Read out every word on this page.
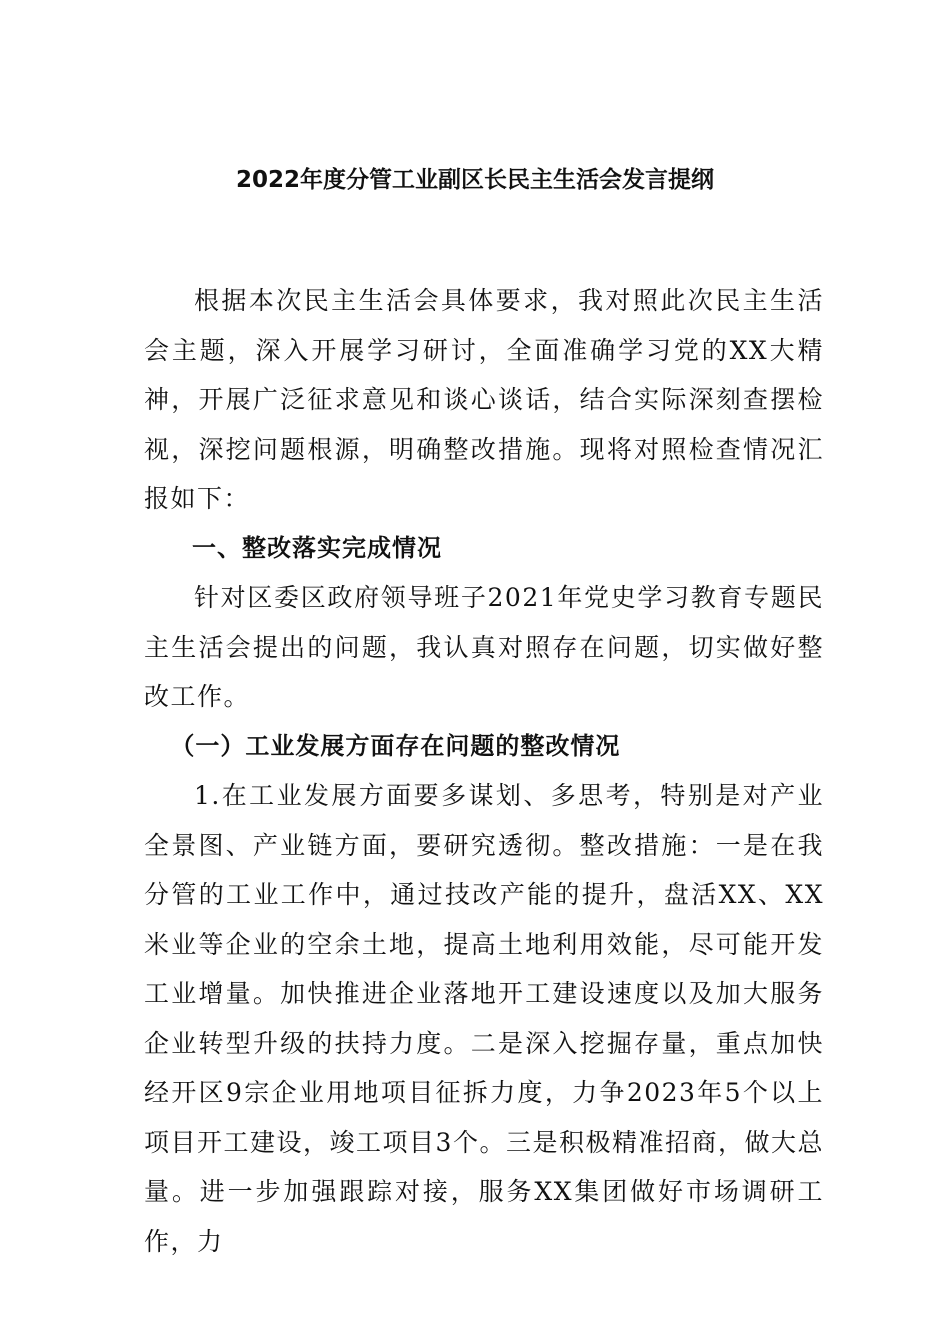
2022年度分管工业副区长民主生活会发言提纲

根据本次民主生活会具体要求，我对照此次民主生活会主题，深入开展学习研讨，全面准确学习党的XX大精神，开展广泛征求意见和谈心谈话，结合实际深刻查摆检视，深挖问题根源，明确整改措施。现将对照检查情况汇报如下：

一、整改落实完成情况

针对区委区政府领导班子2021年党史学习教育专题民主生活会提出的问题，我认真对照存在问题，切实做好整改工作。

（一）工业发展方面存在问题的整改情况

1.在工业发展方面要多谋划、多思考，特别是对产业全景图、产业链方面，要研究透彻。整改措施：一是在我分管的工业工作中，通过技改产能的提升，盘活XX、XX米业等企业的空余土地，提高土地利用效能，尽可能开发工业增量。加快推进企业落地开工建设速度以及加大服务企业转型升级的扶持力度。二是深入挖掘存量，重点加快经开区9宗企业用地项目征拆力度，力争2023年5个以上项目开工建设，竣工项目3个。三是积极精准招商，做大总量。进一步加强跟踪对接，服务XX集团做好市场调研工作，力
